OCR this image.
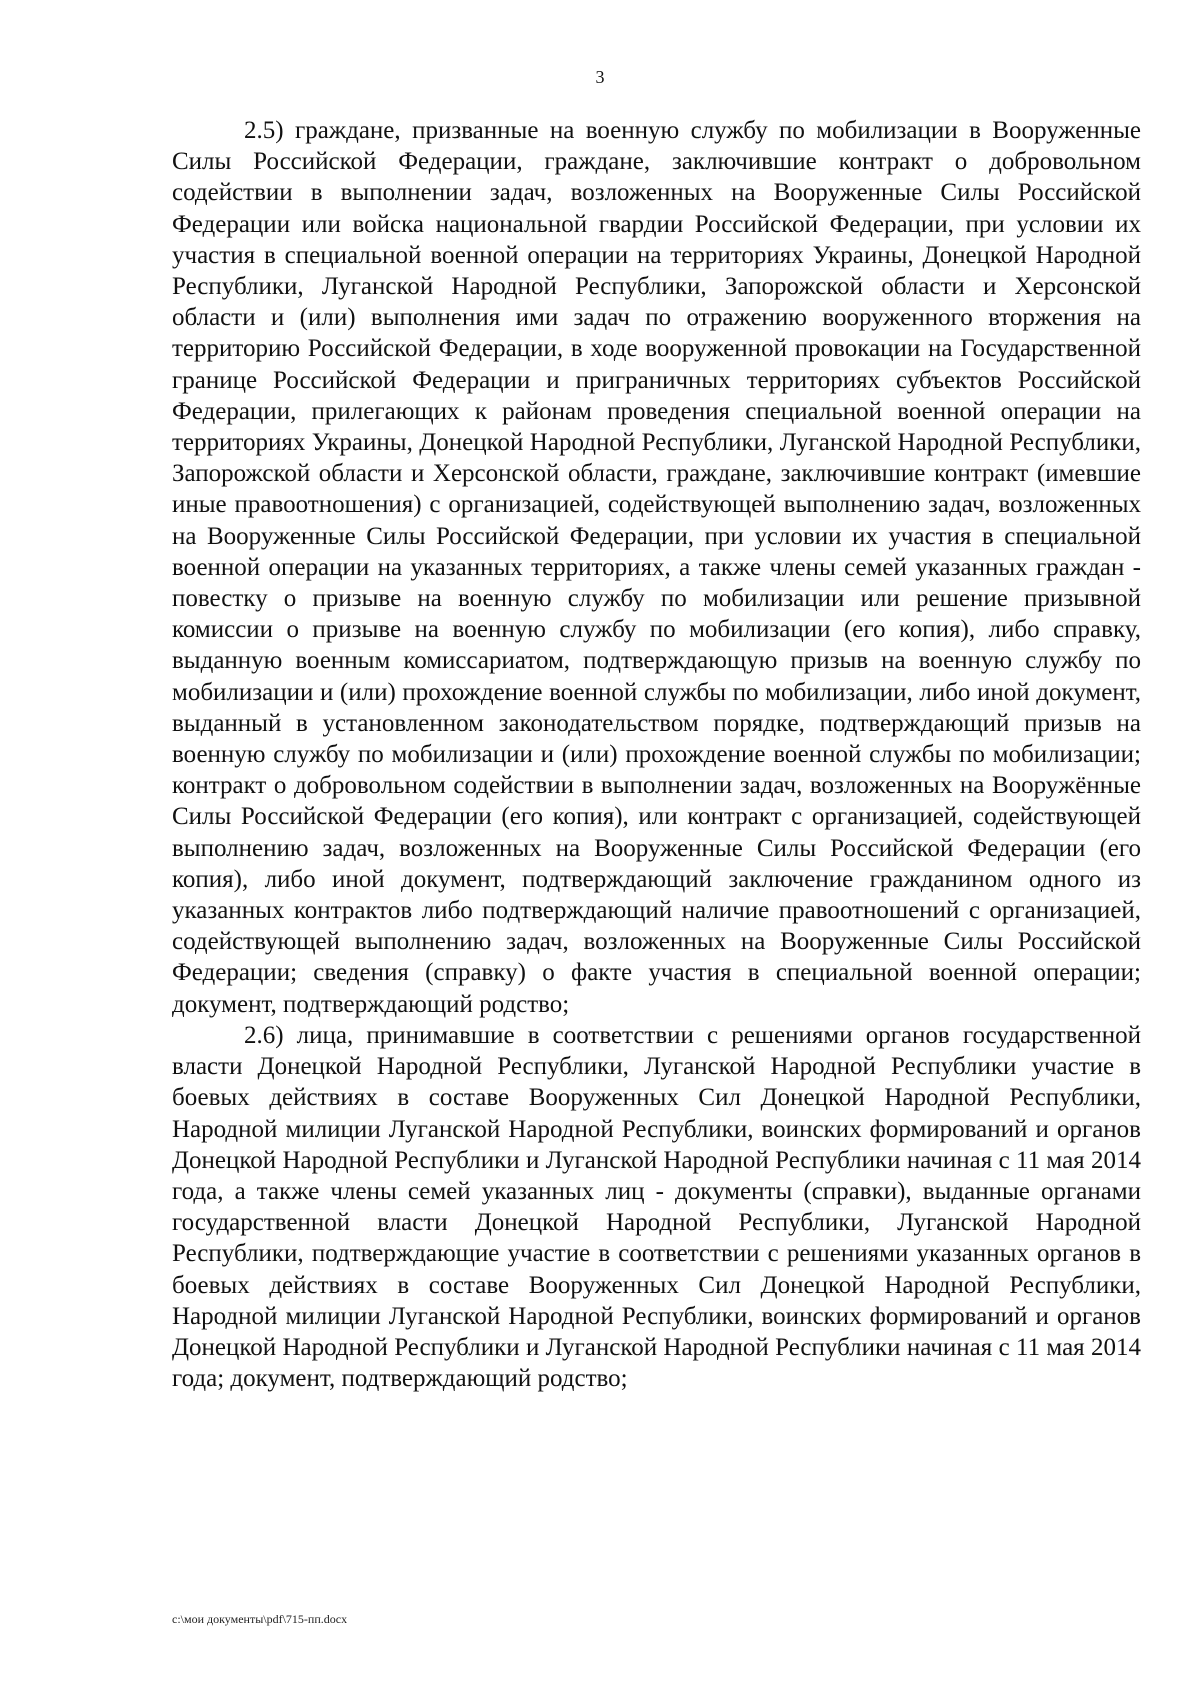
3

2.5) граждане, призванные на военную службу по мобилизации в Вооруженные Силы Российской Федерации, граждане, заключившие контракт о добровольном содействии в выполнении задач, возложенных на Вооруженные Силы Российской Федерации или войска национальной гвардии Российской Федерации, при условии их участия в специальной военной операции на территориях Украины, Донецкой Народной Республики, Луганской Народной Республики, Запорожской области и Херсонской области и (или) выполнения ими задач по отражению вооруженного вторжения на территорию Российской Федерации, в ходе вооруженной провокации на Государственной границе Российской Федерации и приграничных территориях субъектов Российской Федерации, прилегающих к районам проведения специальной военной операции на территориях Украины, Донецкой Народной Республики, Луганской Народной Республики, Запорожской области и Херсонской области, граждане, заключившие контракт (имевшие иные правоотношения) с организацией, содействующей выполнению задач, возложенных на Вооруженные Силы Российской Федерации, при условии их участия в специальной военной операции на указанных территориях, а также члены семей указанных граждан - повестку о призыве на военную службу по мобилизации или решение призывной комиссии о призыве на военную службу по мобилизации (его копия), либо справку, выданную военным комиссариатом, подтверждающую призыв на военную службу по мобилизации и (или) прохождение военной службы по мобилизации, либо иной документ, выданный в установленном законодательством порядке, подтверждающий призыв на военную службу по мобилизации и (или) прохождение военной службы по мобилизации; контракт о добровольном содействии в выполнении задач, возложенных на Вооружённые Силы Российской Федерации (его копия), или контракт с организацией, содействующей выполнению задач, возложенных на Вооруженные Силы Российской Федерации (его копия), либо иной документ, подтверждающий заключение гражданином одного из указанных контрактов либо подтверждающий наличие правоотношений с организацией, содействующей выполнению задач, возложенных на Вооруженные Силы Российской Федерации; сведения (справку) о факте участия в специальной военной операции; документ, подтверждающий родство;

2.6) лица, принимавшие в соответствии с решениями органов государственной власти Донецкой Народной Республики, Луганской Народной Республики участие в боевых действиях в составе Вооруженных Сил Донецкой Народной Республики, Народной милиции Луганской Народной Республики, воинских формирований и органов Донецкой Народной Республики и Луганской Народной Республики начиная с 11 мая 2014 года, а также члены семей указанных лиц - документы (справки), выданные органами государственной власти Донецкой Народной Республики, Луганской Народной Республики, подтверждающие участие в соответствии с решениями указанных органов в боевых действиях в составе Вооруженных Сил Донецкой Народной Республики, Народной милиции Луганской Народной Республики, воинских формирований и органов Донецкой Народной Республики и Луганской Народной Республики начиная с 11 мая 2014 года; документ, подтверждающий родство;

c:\мои документы\pdf\715-пп.docx
